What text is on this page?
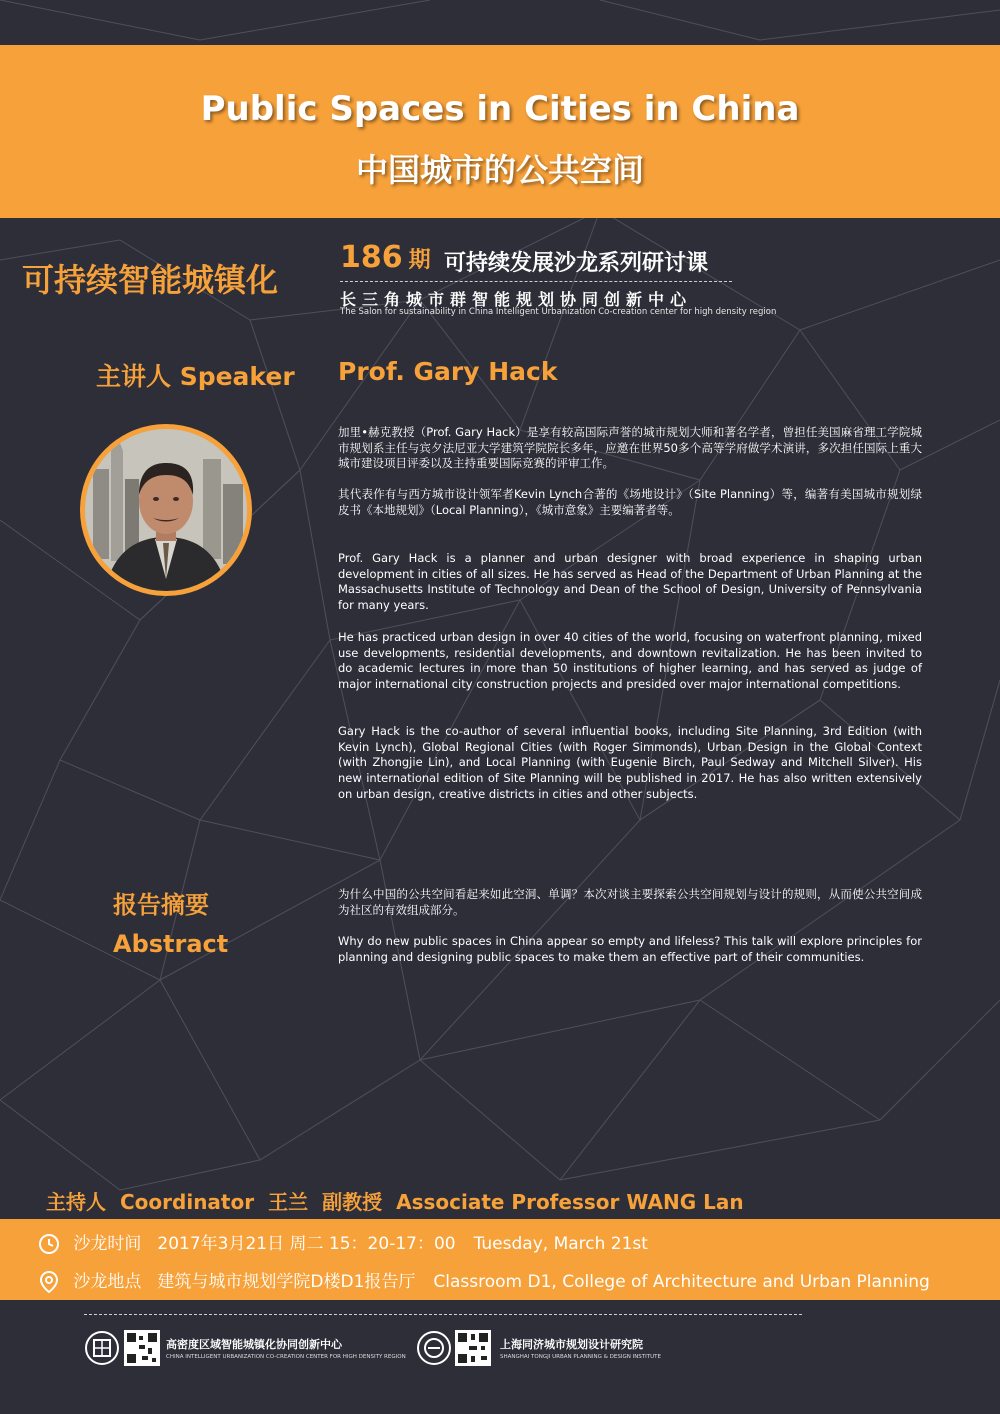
Public Spaces in Cities in China
中国城市的公共空间
可持续智能城镇化
186 期 可持续发展沙龙系列研讨课
长三角城市群智能规划协同创新中心
The Salon for sustainability in China Intelligent Urbanization Co-creation center for high density region
主讲人 Speaker Prof. Gary Hack

加里•赫克教授（Prof. Gary Hack）是享有较高国际声誉的城市规划大师和著名学者，曾担任美国麻省理工学院城市规划系主任与宾夕法尼亚大学建筑学院院长多年，应邀在世界50多个高等学府做学术演讲，多次担任国际上重大城市建设项目评委以及主持重要国际竞赛的评审工作。

其代表作有与西方城市设计领军者Kevin Lynch合著的《场地设计》（Site Planning）等，编著有美国城市规划绿皮书《本地规划》（Local Planning），《城市意象》主要编著者等。

Prof. Gary Hack is a planner and urban designer with broad experience in shaping urban development in cities of all sizes. He has served as Head of the Department of Urban Planning at the Massachusetts Institute of Technology and Dean of the School of Design, University of Pennsylvania for many years.

He has practiced urban design in over 40 cities of the world, focusing on waterfront planning, mixed use developments, residential developments, and downtown revitalization. He has been invited to do academic lectures in more than 50 institutions of higher learning, and has served as judge of major international city construction projects and presided over major international competitions.

Gary Hack is the co-author of several influential books, including Site Planning, 3rd Edition (with Kevin Lynch), Global Regional Cities (with Roger Simmonds), Urban Design in the Global Context (with Zhongjie Lin), and Local Planning (with Eugenie Birch, Paul Sedway and Mitchell Silver). His new international edition of Site Planning will be published in 2017. He has also written extensively on urban design, creative districts in cities and other subjects.

报告摘要
Abstract

为什么中国的公共空间看起来如此空洞、单调？本次对谈主要探索公共空间规划与设计的规则，从而使公共空间成为社区的有效组成部分。

Why do new public spaces in China appear so empty and lifeless? This talk will explore principles for planning and designing public spaces to make them an effective part of their communities.

主持人 Coordinator 王兰 副教授 Associate Professor WANG Lan
沙龙时间 2017年3月21日 周二 15：20-17：00 Tuesday, March 21st
沙龙地点 建筑与城市规划学院D楼D1报告厅 Classroom D1, College of Architecture and Urban Planning
高密度区域智能城镇化协同创新中心
CHINA INTELLIGENT URBANIZATION CO-CREATION CENTER FOR HIGH DENSITY REGION
上海同济城市规划设计研究院
SHANGHAI TONGJI URBAN PLANNING & DESIGN INSTITUTE
